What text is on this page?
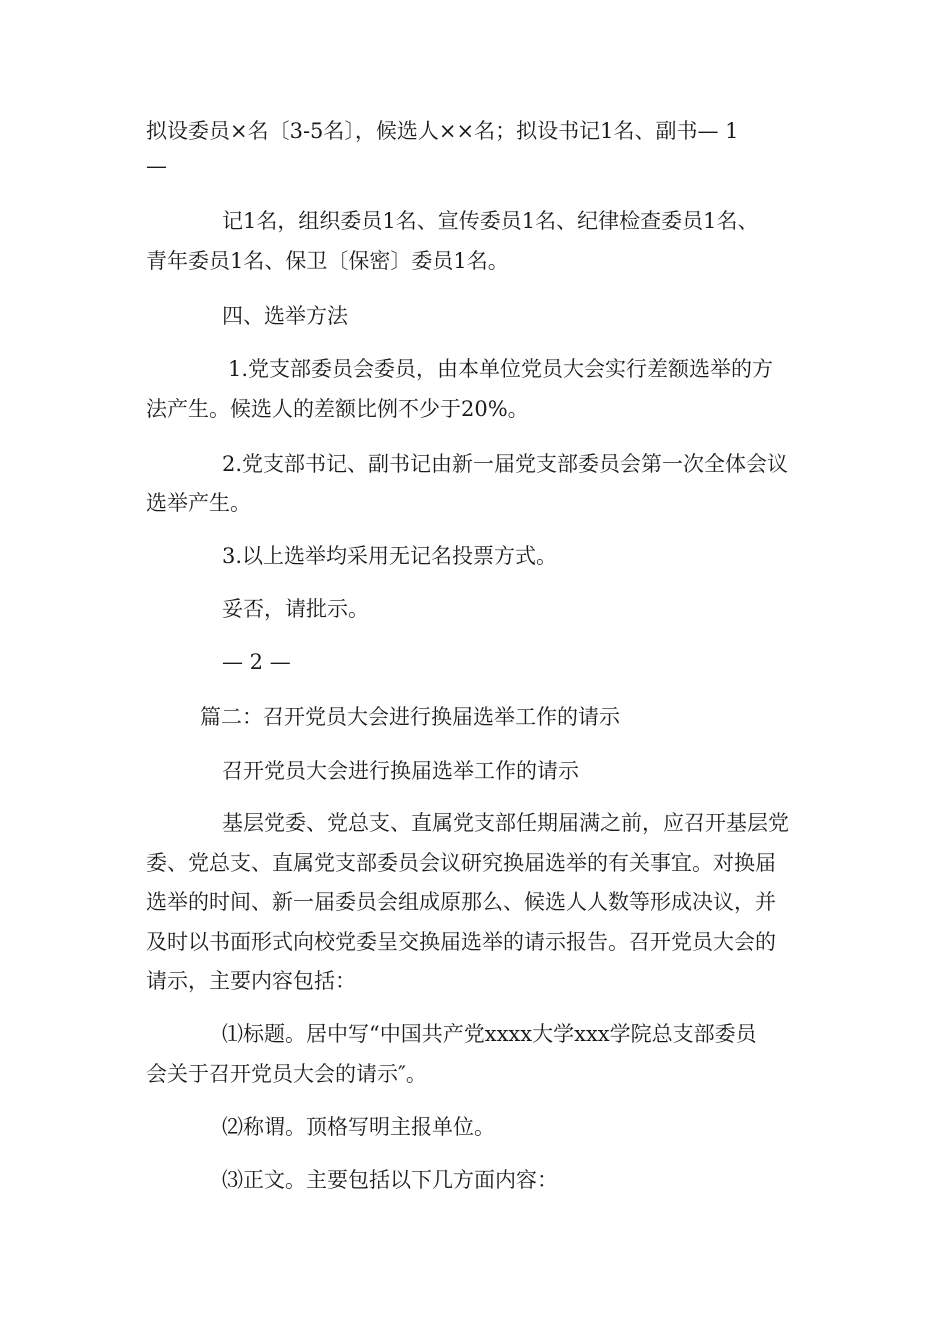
拟设委员×名〔3-5名〕，候选人××名；拟设书记1名、副书— 1
—
记1名，组织委员1名、宣传委员1名、纪律检查委员1名、
青年委员1名、保卫〔保密〕委员1名。
四、选举方法
1.党支部委员会委员，由本单位党员大会实行差额选举的方
法产生。候选人的差额比例不少于20%。
2.党支部书记、副书记由新一届党支部委员会第一次全体会议
选举产生。
3.以上选举均采用无记名投票方式。
妥否，请批示。
— 2 —
篇二：召开党员大会进行换届选举工作的请示
召开党员大会进行换届选举工作的请示
基层党委、党总支、直属党支部任期届满之前，应召开基层党
委、党总支、直属党支部委员会议研究换届选举的有关事宜。对换届
选举的时间、新一届委员会组成原那么、候选人人数等形成决议，并
及时以书面形式向校党委呈交换届选举的请示报告。召开党员大会的
请示，主要内容包括：
⑴标题。居中写“中国共产党xxxx大学xxx学院总支部委员
会关于召开党员大会的请示″。
⑵称谓。顶格写明主报单位。
⑶正文。主要包括以下几方面内容：
